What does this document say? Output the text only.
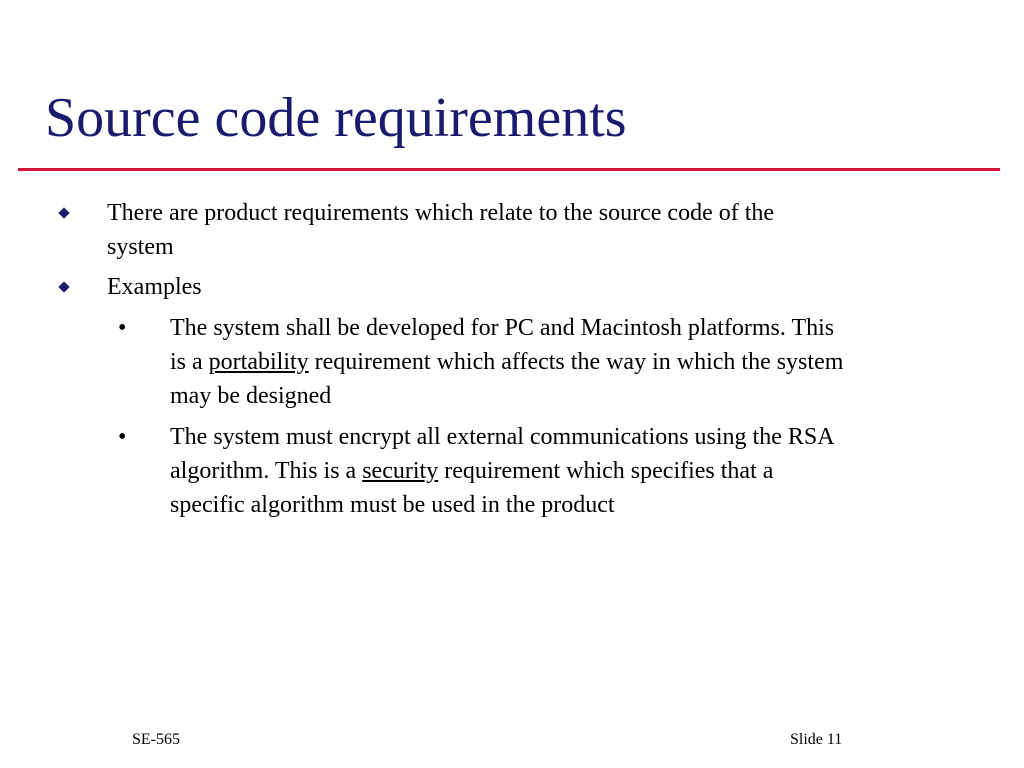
Source code requirements
There are product requirements which relate to the source code of the
system
Examples
• The system shall be developed for PC and Macintosh platforms. This
is a portability requirement which affects the way in which the system
may be designed
• The system must encrypt all external communications using the RSA
algorithm. This is a security requirement which specifies that a
specific algorithm must be used in the product
SE-565	Slide 11
